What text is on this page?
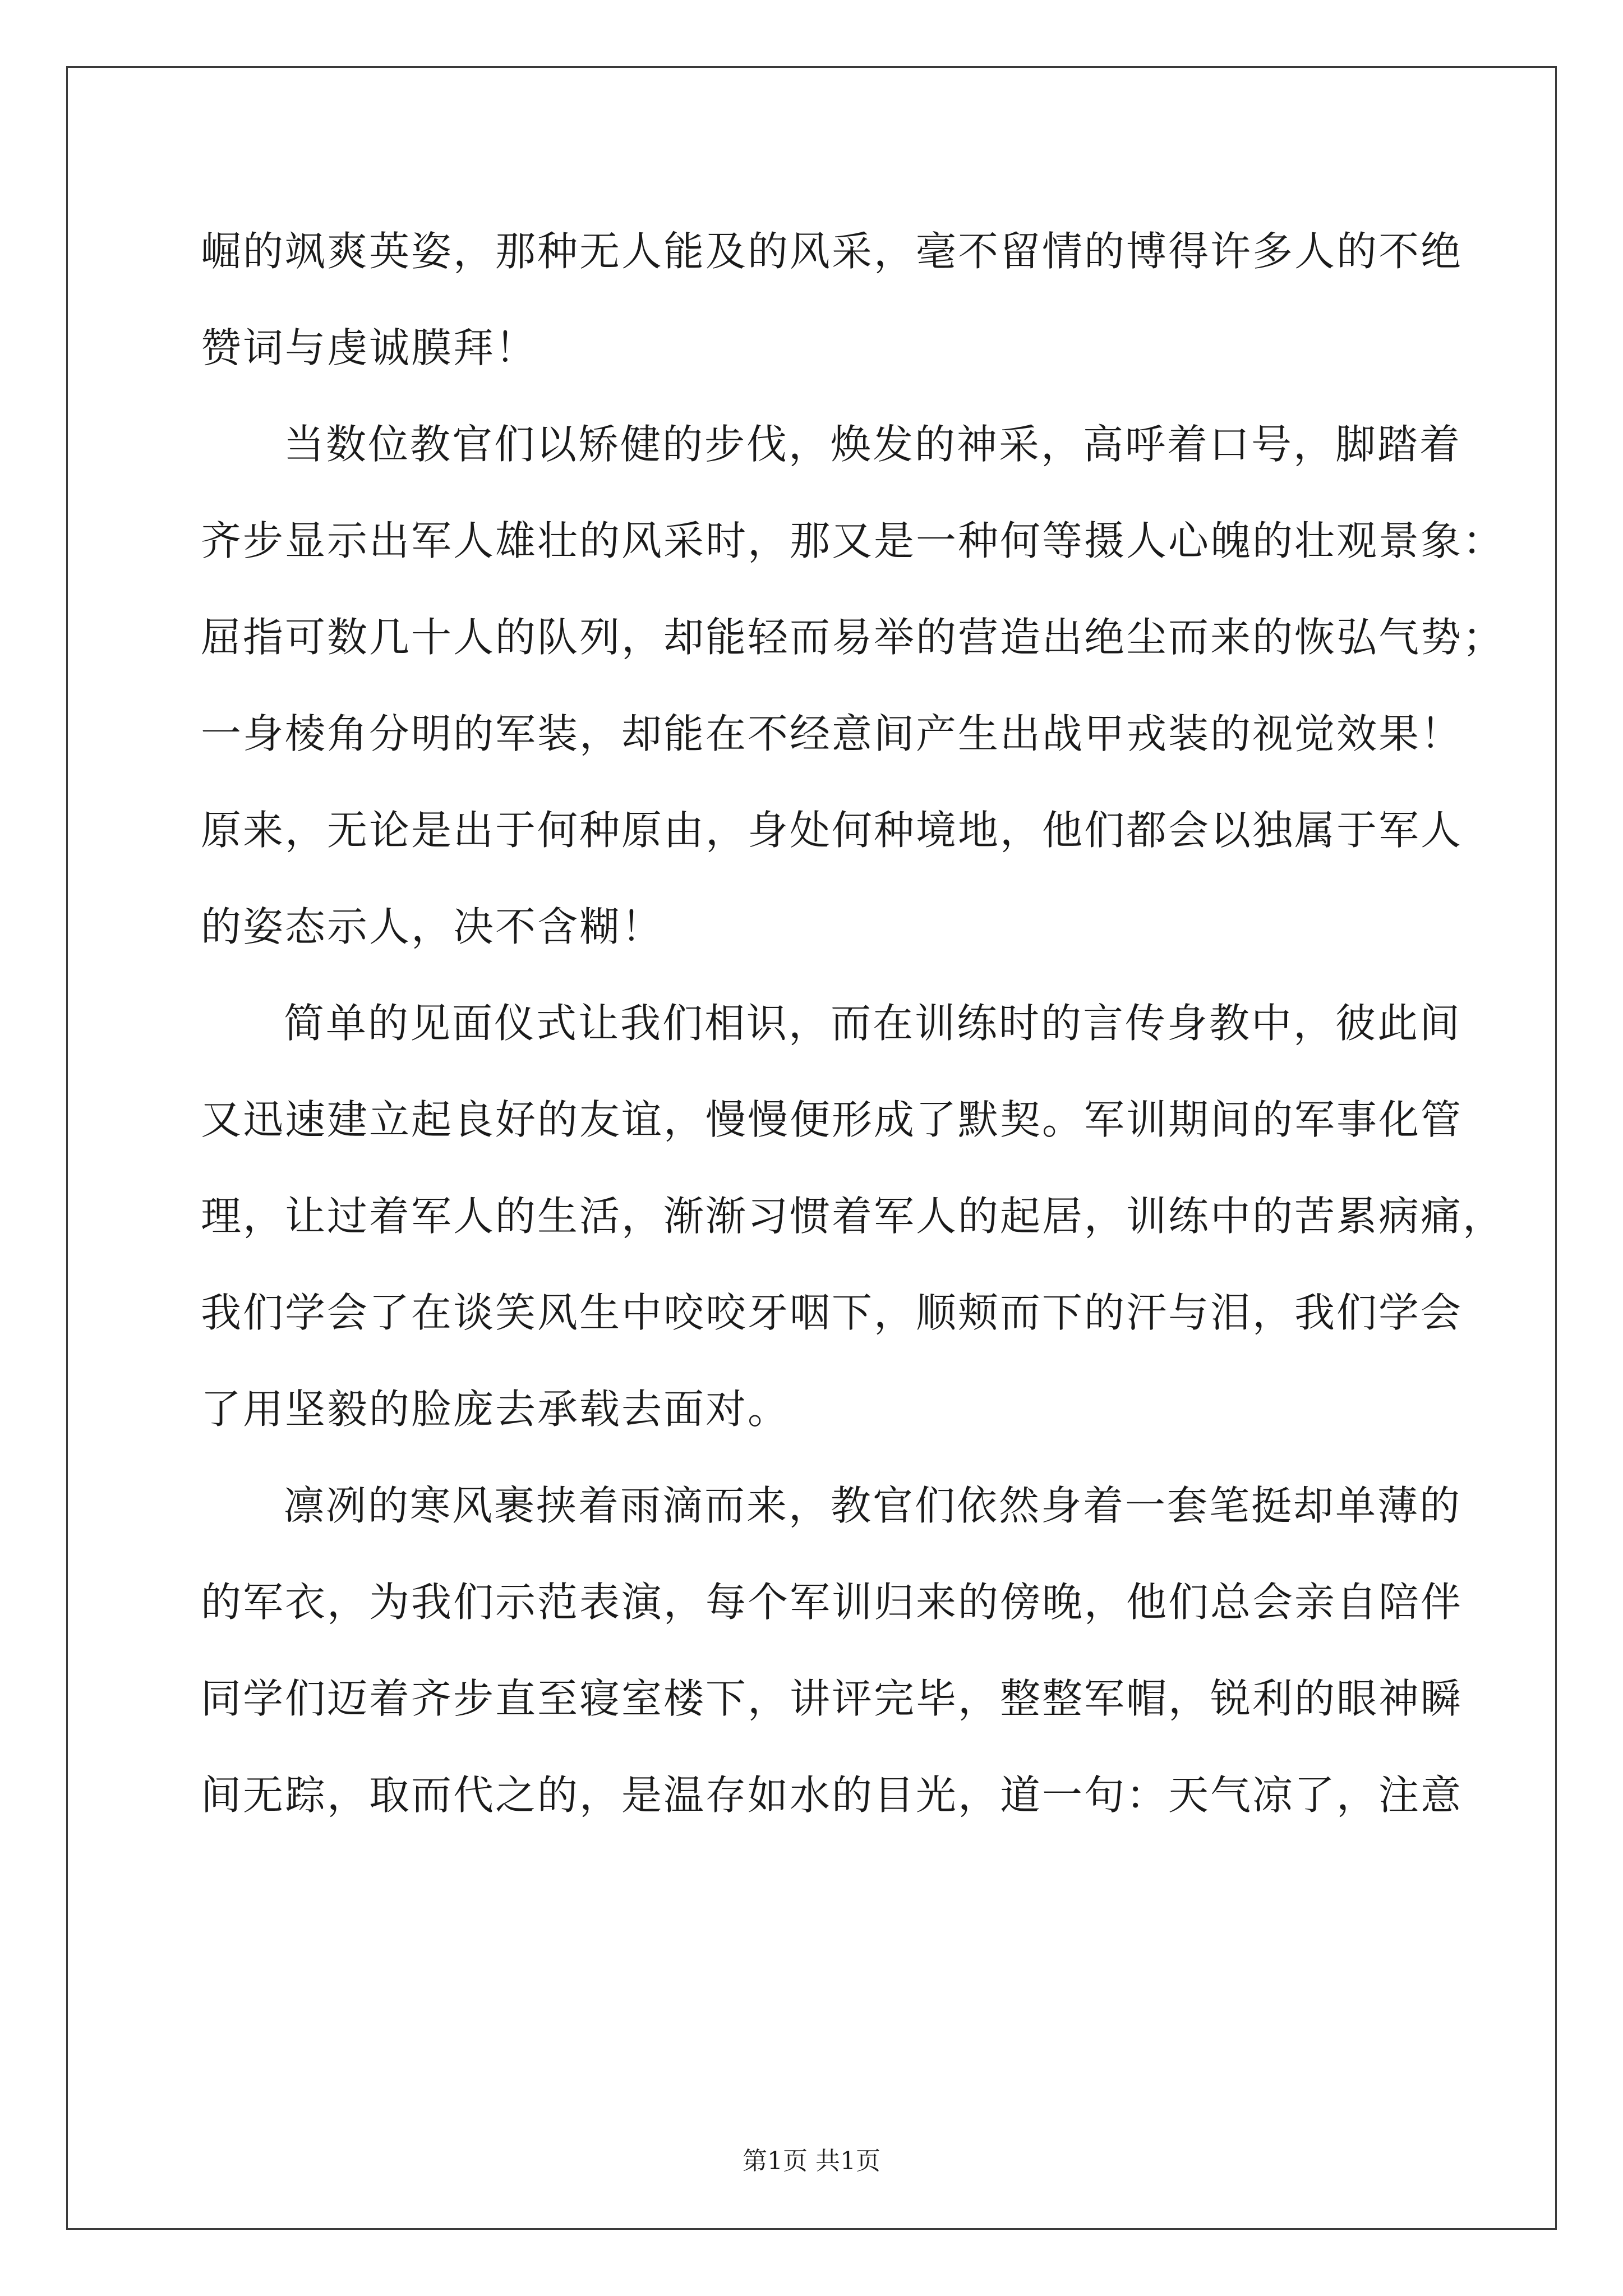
崛的飒爽英姿，那种无人能及的风采，毫不留情的博得许多人的不绝
赞词与虔诚膜拜！
当数位教官们以矫健的步伐，焕发的神采，高呼着口号，脚踏着
齐步显示出军人雄壮的风采时，那又是一种何等摄人心魄的壮观景象：
屈指可数几十人的队列，却能轻而易举的营造出绝尘而来的恢弘气势；
一身棱角分明的军装，却能在不经意间产生出战甲戎装的视觉效果！
原来，无论是出于何种原由，身处何种境地，他们都会以独属于军人
的姿态示人，决不含糊！
简单的见面仪式让我们相识，而在训练时的言传身教中，彼此间
又迅速建立起良好的友谊，慢慢便形成了默契。军训期间的军事化管
理，让过着军人的生活，渐渐习惯着军人的起居，训练中的苦累病痛，
我们学会了在谈笑风生中咬咬牙咽下，顺颊而下的汗与泪，我们学会
了用坚毅的脸庞去承载去面对。
凛冽的寒风裹挟着雨滴而来，教官们依然身着一套笔挺却单薄的
的军衣，为我们示范表演，每个军训归来的傍晚，他们总会亲自陪伴
同学们迈着齐步直至寝室楼下，讲评完毕，整整军帽，锐利的眼神瞬
间无踪，取而代之的，是温存如水的目光，道一句：天气凉了，注意
第1页 共1页
